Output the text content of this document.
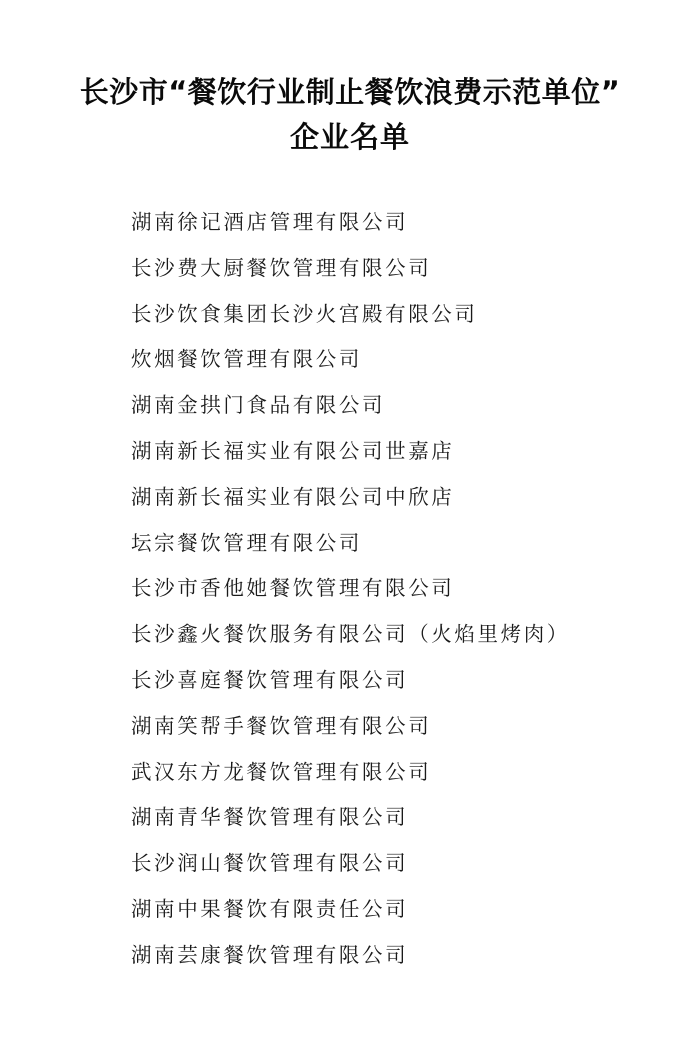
长沙市“餐饮行业制止餐饮浪费示范单位”
企业名单
湖南徐记酒店管理有限公司
长沙费大厨餐饮管理有限公司
长沙饮食集团长沙火宫殿有限公司
炊烟餐饮管理有限公司
湖南金拱门食品有限公司
湖南新长福实业有限公司世嘉店
湖南新长福实业有限公司中欣店
坛宗餐饮管理有限公司
长沙市香他她餐饮管理有限公司
长沙鑫火餐饮服务有限公司（火焰里烤肉）
长沙喜庭餐饮管理有限公司
湖南笑帮手餐饮管理有限公司
武汉东方龙餐饮管理有限公司
湖南青华餐饮管理有限公司
长沙润山餐饮管理有限公司
湖南中果餐饮有限责任公司
湖南芸康餐饮管理有限公司
